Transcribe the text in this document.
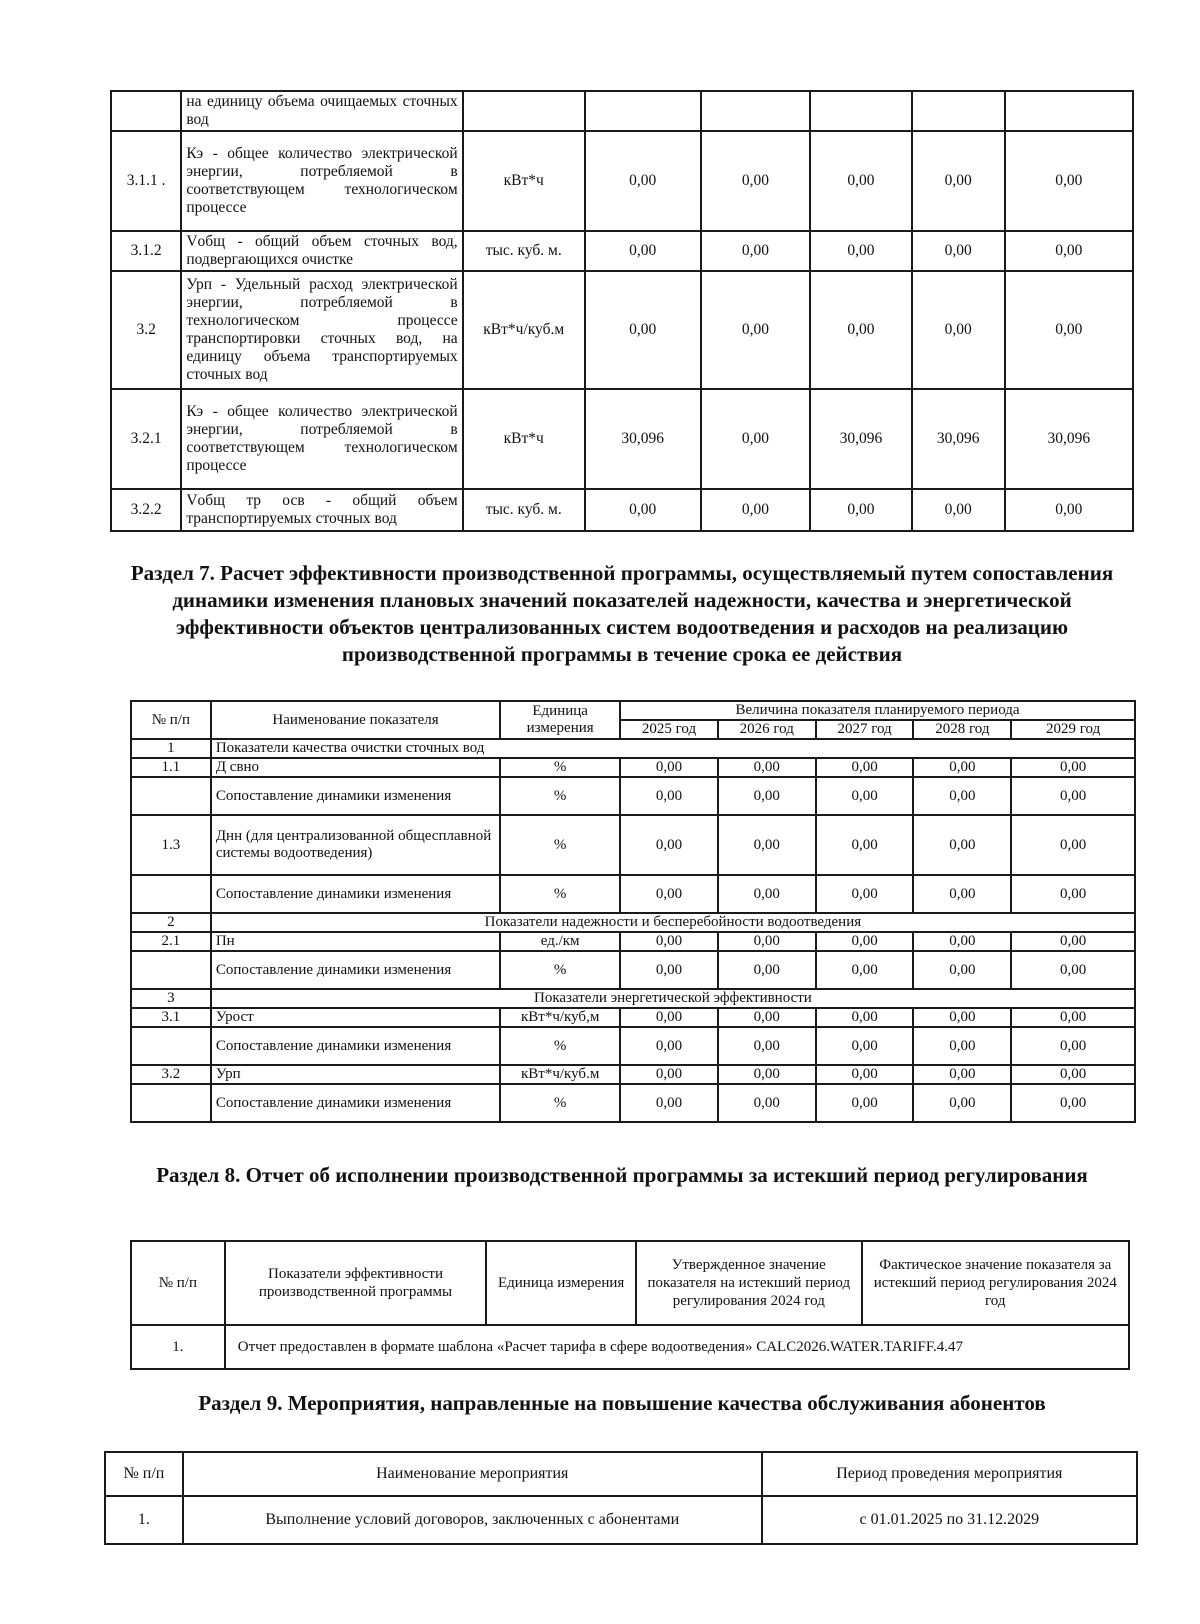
	на единицу объема очищаемых сточных вод						
3.1.1 .	Кэ - общее количество электрической энергии, потребляемой в соответствующем технологическом процессе	кВт*ч	0,00	0,00	0,00	0,00	0,00
3.1.2	Vобщ - общий объем сточных вод, подвергающихся очистке	тыс. куб. м.	0,00	0,00	0,00	0,00	0,00
3.2	Урп - Удельный расход электрической энергии, потребляемой в технологическом процессе транспортировки сточных вод, на единицу объема транспортируемых сточных вод	кВт*ч/куб.м	0,00	0,00	0,00	0,00	0,00
3.2.1	Кэ - общее количество электрической энергии, потребляемой в соответствующем технологическом процессе	кВт*ч	30,096	0,00	30,096	30,096	30,096
3.2.2	Vобщ тр осв - общий объем транспортируемых сточных вод	тыс. куб. м.	0,00	0,00	0,00	0,00	0,00
Раздел 7. Расчет эффективности производственной программы, осуществляемый путем сопоставления динамики изменения плановых значений показателей надежности, качества и энергетической эффективности объектов централизованных систем водоотведения и расходов на реализацию производственной программы в течение срока ее действия
№ п/п	Наименование показателя	Единица измерения	Величина показателя планируемого периода				
			2025 год	2026 год	2027 год	2028 год	2029 год
1	Показатели качества очистки сточных вод						
1.1	Д свно	%	0,00	0,00	0,00	0,00	0,00
	Сопоставление динамики изменения	%	0,00	0,00	0,00	0,00	0,00
1.3	Днн (для централизованной общесплавной системы водоотведения)	%	0,00	0,00	0,00	0,00	0,00
	Сопоставление динамики изменения	%	0,00	0,00	0,00	0,00	0,00
2	Показатели надежности и бесперебойности водоотведения						
2.1	Пн	ед./км	0,00	0,00	0,00	0,00	0,00
	Сопоставление динамики изменения	%	0,00	0,00	0,00	0,00	0,00
3	Показатели энергетической эффективности						
3.1	Урост	кВт*ч/куб,м	0,00	0,00	0,00	0,00	0,00
	Сопоставление динамики изменения	%	0,00	0,00	0,00	0,00	0,00
3.2	Урп	кВт*ч/куб.м	0,00	0,00	0,00	0,00	0,00
	Сопоставление динамики изменения	%	0,00	0,00	0,00	0,00	0,00
Раздел 8. Отчет об исполнении производственной программы за истекший период регулирования
№ п/п	Показатели эффективности производственной программы	Единица измерения	Утвержденное значение показателя на истекший период регулирования 2024 год	Фактическое значение показателя за истекший период регулирования 2024 год
1.	Отчет предоставлен в формате шаблона «Расчет тарифа в сфере водоотведения» CALC2026.WATER.TARIFF.4.47			
Раздел 9. Мероприятия, направленные на повышение качества обслуживания абонентов
№ п/п	Наименование мероприятия	Период проведения мероприятия
1.	Выполнение условий договоров, заключенных с абонентами	с 01.01.2025 по 31.12.2029
